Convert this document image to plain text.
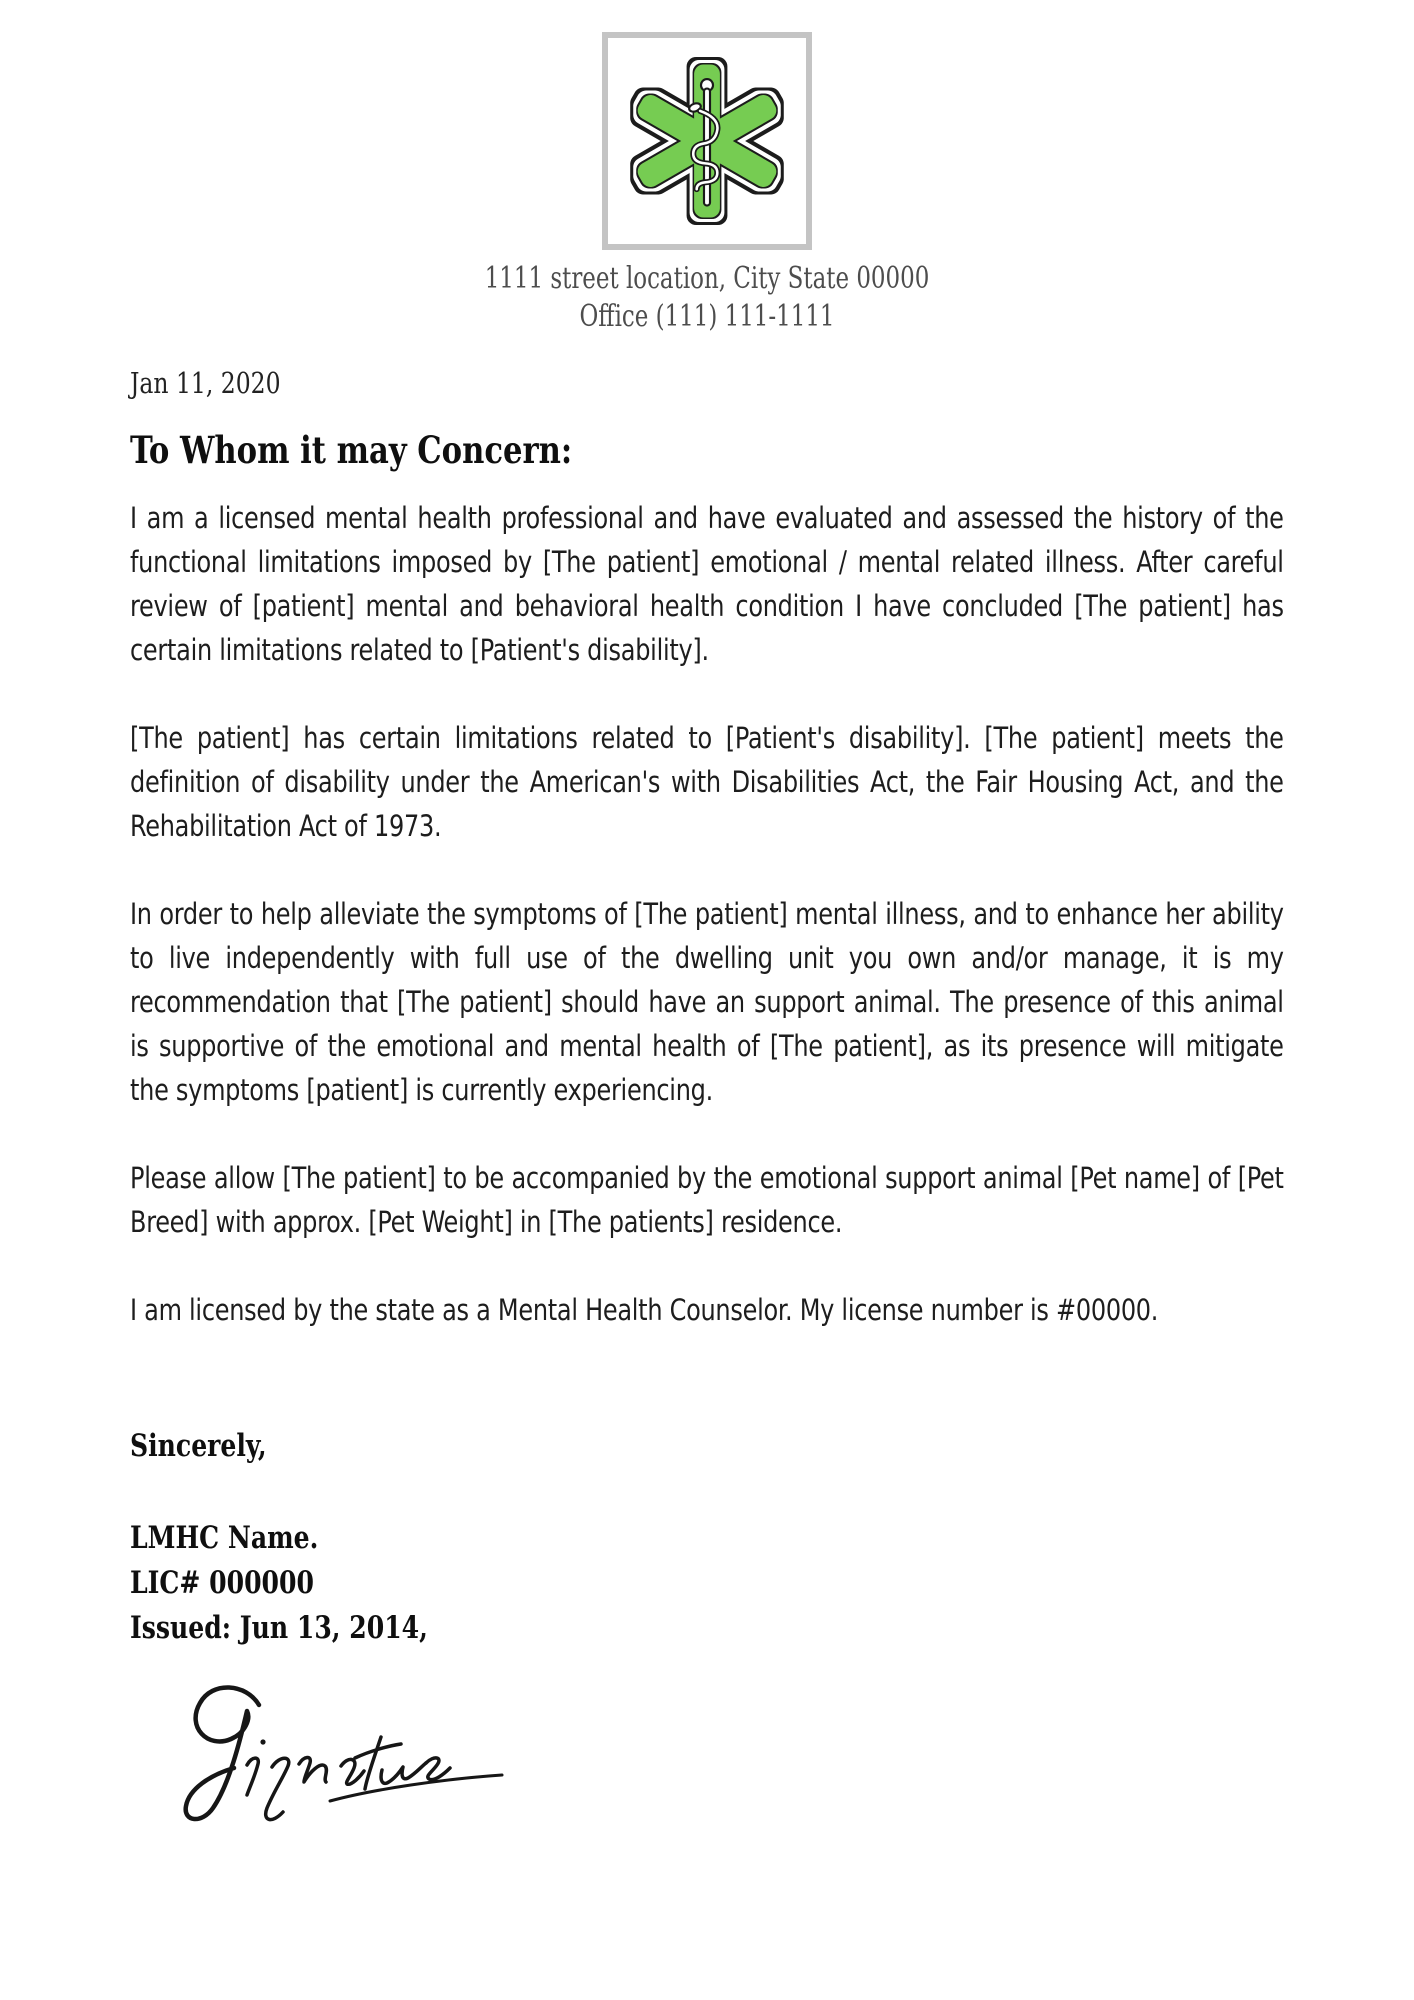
1111 street location, City State 00000
Office (111) 111-1111
Jan 11, 2020
To Whom it may Concern:

I am a licensed mental health professional and have evaluated and assessed the history of the functional limitations imposed by [The patient] emotional / mental related illness. After careful review of [patient] mental and behavioral health condition I have concluded [The patient] has certain limitations related to [Patient's disability].

[The patient] has certain limitations related to [Patient's disability]. [The patient] meets the definition of disability under the American's with Disabilities Act, the Fair Housing Act, and the Rehabilitation Act of 1973.

In order to help alleviate the symptoms of [The patient] mental illness, and to enhance her ability to live independently with full use of the dwelling unit you own and/or manage, it is my recommendation that [The patient] should have an support animal. The presence of this animal is supportive of the emotional and mental health of [The patient], as its presence will mitigate the symptoms [patient] is currently experiencing.

Please allow [The patient] to be accompanied by the emotional support animal [Pet name] of [Pet Breed] with approx. [Pet Weight] in [The patients] residence.

I am licensed by the state as a Mental Health Counselor. My license number is #00000.

Sincerely,
LMHC Name.
LIC# 000000
Issued: Jun 13, 2014,
